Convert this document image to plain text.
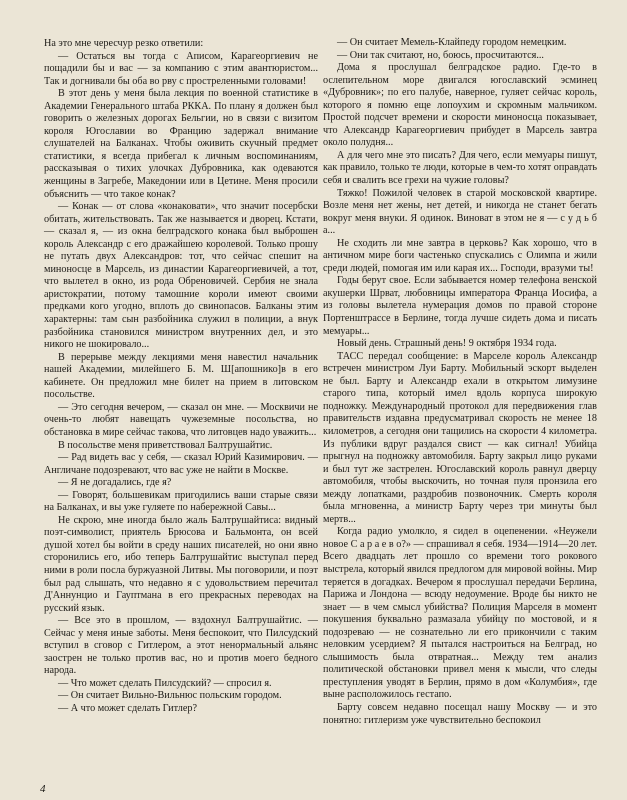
На это мне чересчур резко ответили:

— Остаться вы тогда с Аписом, Карагеоргиевич не пощадили бы и вас — за компанию с этим авантюристом... Так и догнивали бы оба во рву с простреленными головами!

В этот день у меня была лекция по военной статистике в Академии Генерального штаба РККА. По плану я должен был говорить о железных дорогах Бельгии, но в связи с визитом короля Югославии во Францию задержал внимание слушателей на Балканах. Чтобы оживить скучный предмет статистики, я всегда прибегал к личным воспоминаниям, рассказывая о тихих улочках Дубровника, как одеваются женщины в Загребе, Македонии или в Цетине. Меня просили объяснить — что такое конак?

— Конак — от слова «конаковати», что значит посербски обитать, жительствовать. Так же называется и дворец. Кстати, — сказал я, — из окна белградского конака был выброшен король Александр с его дражайшею королевой. Только прошу не путать двух Александров: тот, что сейчас спешит на миноносце в Марсель, из династии Карагеоргиевичей, а тот, что вылетел в окно, из рода Обреновичей. Сербия не знала аристократии, потому тамошние короли имеют своими предками кого угодно, вплоть до свинопасов. Балканы этим характерны: там сын разбойника служил в полиции, а внук разбойника становился министром внутренних дел, и это никого не шокировало...

В перерыве между лекциями меня навестил начальник нашей Академии, милейшего Б. М. Ш[апошнико]в в его кабинете. Он предложил мне билет на прием в литовском посольстве.

— Это сегодня вечером, — сказал он мне. — Москвичи не очень-то любят навещать чужеземные посольства, но обстановка в мире сейчас такова, что литовцев надо уважить...

В посольстве меня приветствовал Балтрушайтис.

— Рад видеть вас у себя, — сказал Юрий Казимирович. — Англичане подозревают, что вас уже не найти в Москве.

— Я не догадались, где я?

— Говорят, большевикам пригодились ваши старые связи на Балканах, и вы уже гуляете по набережной Савы...

Не скрою, мне иногда было жаль Балтрушайтиса: видный поэт-символист, приятель Брюсова и Бальмонта, он всей душой хотел бы войти в среду наших писателей, но они явно сторонились его, ибо теперь Балтрушайтис выступал перед ними в роли посла буржуазной Литвы. Мы поговорили, и поэт был рад слышать, что недавно я с удовольствием перечитал Д'Аннунцио и Гауптмана в его прекрасных переводах на русский язык.

— Все это в прошлом, — вздохнул Балтрушайтис. — Сейчас у меня иные заботы. Меня беспокоит, что Пилсудский вступил в сговор с Гитлером, а этот ненормальный альянс заострен не только против вас, но и против моего бедного народа.

— Что может сделать Пилсудский? — спросил я.

— Он считает Вильно-Вильнюс польским городом.

— А что может сделать Гитлер?

— Он считает Мемель-Клайпеду городом немецким.

— Они так считают, но, боюсь, просчитаются...

Дома я прослушал белградское радио. Где-то в ослепительном море двигался югославский эсминец «Дубровник»; по его палубе, наверное, гуляет сейчас король, которого я помню еще лопоухим и скромным мальчиком. Простой подсчет времени и скорости миноносца показывает, что Александр Карагеоргиевич прибудет в Марсель завтра около полудня...

А для чего мне это писать? Для чего, если мемуары пишут, как правило, только те люди, которые в чем-то хотят оправдать себя и свалить все грехи на чужие головы?

Тяжко! Пожилой человек в старой московской квартире. Возле меня нет жены, нет детей, и никогда не станет бегать вокруг меня внуки. Я одинок. Виноват в этом не я — с у д ь б а...

Не сходить ли мне завтра в церковь? Как хорошо, что в античном мире боги частенько спускались с Олимпа и жили среди людей, помогая им или карая их... Господи, вразуми ты!

Годы берут свое. Если забывается номер телефона венской акушерки Шрват, любовницы императора Франца Иосифа, а из головы вылетела нумерация домов по правой стороне Портенштрассе в Берлине, тогда лучше сидеть дома и писать мемуары...

Новый день. Страшный день! 9 октября 1934 года.

ТАСС передал сообщение: в Марселе король Александр встречен министром Луи Барту. Мобильный эскорт выделен не был. Барту и Александр ехали в открытом лимузине старого типа, который имел вдоль корпуса широкую подножку. Международный протокол для передвижения глав правительств издавна предусматривал скорость не менее 18 километров, а сегодня они тащились на скорости 4 километра. Из публики вдруг раздался свист — как сигнал! Убийца прыгнул на подножку автомобиля. Барту закрыл лицо руками и был тут же застрелен. Югославский король равнул дверцу автомобиля, чтобы выскочить, но точная пуля пронзила его между лопатками, раздробив позвоночник. Смерть короля была мгновенна, а министр Барту через три минуты был мертв...

Когда радио умолкло, я сидел в оцепенении. «Неужели новое С а р а е в о?» — спрашивал я себя. 1934—1914—20 лет. Всего двадцать лет прошло со времени того рокового выстрела, который явился предлогом для мировой войны. Мир теряется в догадках. Вечером я прослушал передачи Берлина, Парижа и Лондона — всюду недоумение. Вроде бы никто не знает — в чем смысл убийства? Полиция Марселя в момент покушения буквально размазала убийцу по мостовой, и я подозреваю — не сознательно ли его прикончили с таким неловким усердием? Я пытался настроиться на Белград, но слышимость была отвратная... Между тем анализ политической обстановки привел меня к мысли, что следы преступления уводят в Берлин, прямо в дом «Колумбия», где выне расположилось гестапо.

Барту совсем недавно посещал нашу Москву — и это понятно: гитлеризм уже чувствительно беспокоил

4
